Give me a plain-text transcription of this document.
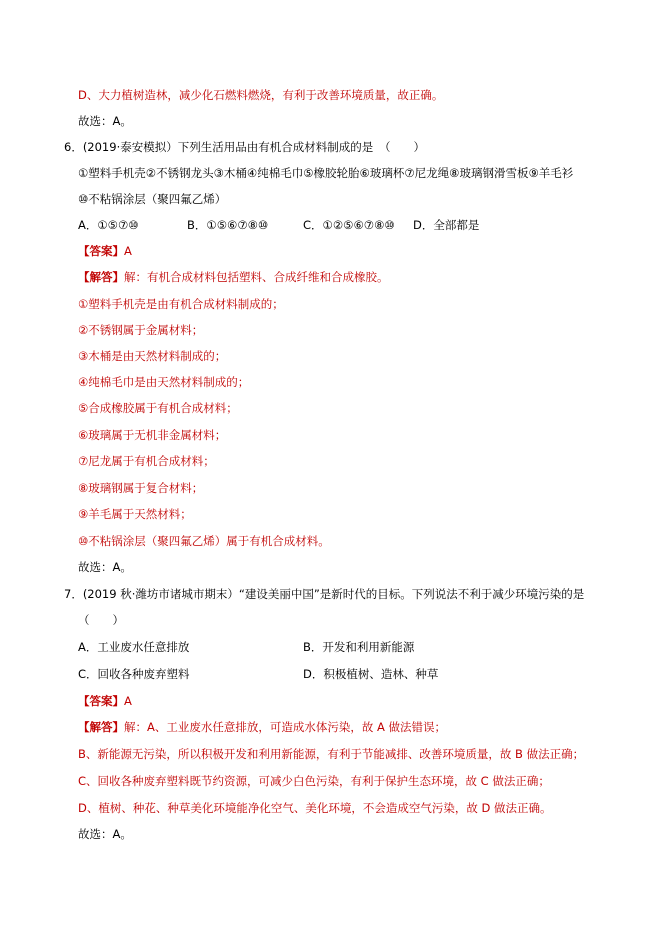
D、大力植树造林，减少化石燃料燃烧，有利于改善环境质量，故正确。
故选：A。
6．(2019·泰安模拟）下列生活用品由有机合成材料制成的是　（　　）
①塑料手机壳②不锈钢龙头③木桶④纯棉毛巾⑤橡胶轮胎⑥玻璃杯⑦尼龙绳⑧玻璃钢滑雪板⑨羊毛衫
⑩不粘锅涂层（聚四氟乙烯）
A．①⑤⑦⑩	B．①⑤⑥⑦⑧⑩	C．①②⑤⑥⑦⑧⑩ D．全部都是
【答案】A
【解答】解：有机合成材料包括塑料、合成纤维和合成橡胶。
①塑料手机壳是由有机合成材料制成的；
②不锈钢属于金属材料；
③木桶是由天然材料制成的；
④纯棉毛巾是由天然材料制成的；
⑤合成橡胶属于有机合成材料；
⑥玻璃属于无机非金属材料；
⑦尼龙属于有机合成材料；
⑧玻璃钢属于复合材料；
⑨羊毛属于天然材料；
⑩不粘锅涂层（聚四氟乙烯）属于有机合成材料。
故选：A。
7．(2019 秋·潍坊市诸城市期末）“建设美丽中国”是新时代的目标。下列说法不利于减少环境污染的是
（　　）
A．工业废水任意排放	B．开发和利用新能源
C．回收各种废弃塑料	D．积极植树、造林、种草
【答案】A
【解答】解：A、工业废水任意排放，可造成水体污染，故 A 做法错误；
B、新能源无污染，所以积极开发和利用新能源，有利于节能减排、改善环境质量，故 B 做法正确；
C、回收各种废弃塑料既节约资源，可减少白色污染，有利于保护生态环境，故 C 做法正确；
D、植树、种花、种草美化环境能净化空气、美化环境，不会造成空气污染，故 D 做法正确。
故选：A。
